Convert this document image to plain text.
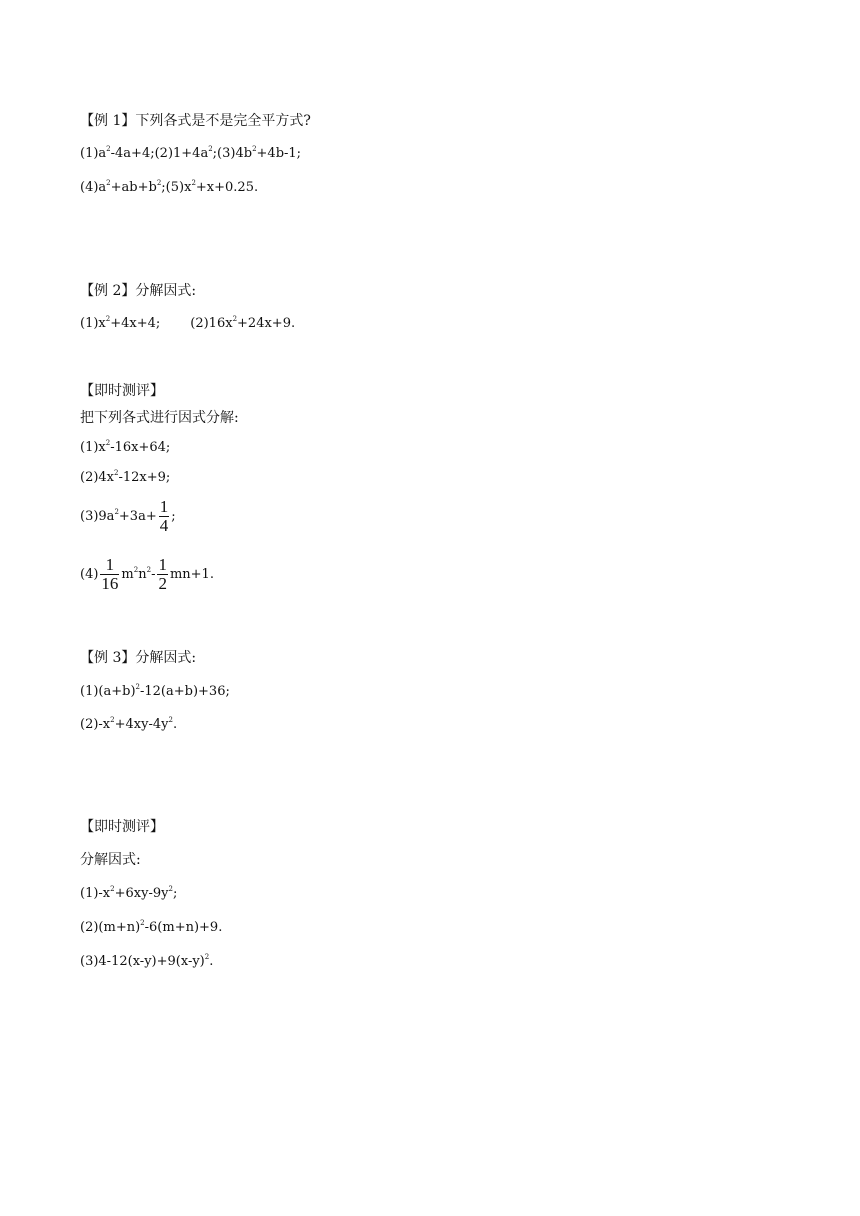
【例 1】下列各式是不是完全平方式?
$(1)a^2-4a+4;(2)1+4a^2;(3)4b^2+4b-1$;
$(4)a^2+ab+b^2;(5)x^2+x+0.25$.
【例 2】分解因式:
$(1)x^2+4x+4$; $(2)16x^2+24x+9$.
【即时测评】
把下列各式进行因式分解:
$(1)x^2-16x+64$;
$(2)4x^2-12x+9$;
$(3)9a^2+3a+ \frac{1}{4}$ ;
$(4) \frac{1}{16} m^2n^2- \frac{1}{2} mn+1$.
【例 3】分解因式:
$(1)(a+b)^2-12(a+b)+36$;
$(2)-x^2+4xy-4y^2$.
【即时测评】
分解因式:
$(1)-x^2+6xy-9y^2$;
$(2)(m+n)^2-6(m+n)+9$.
$(3)4-12(x-y)+9(x-y)^2$.
